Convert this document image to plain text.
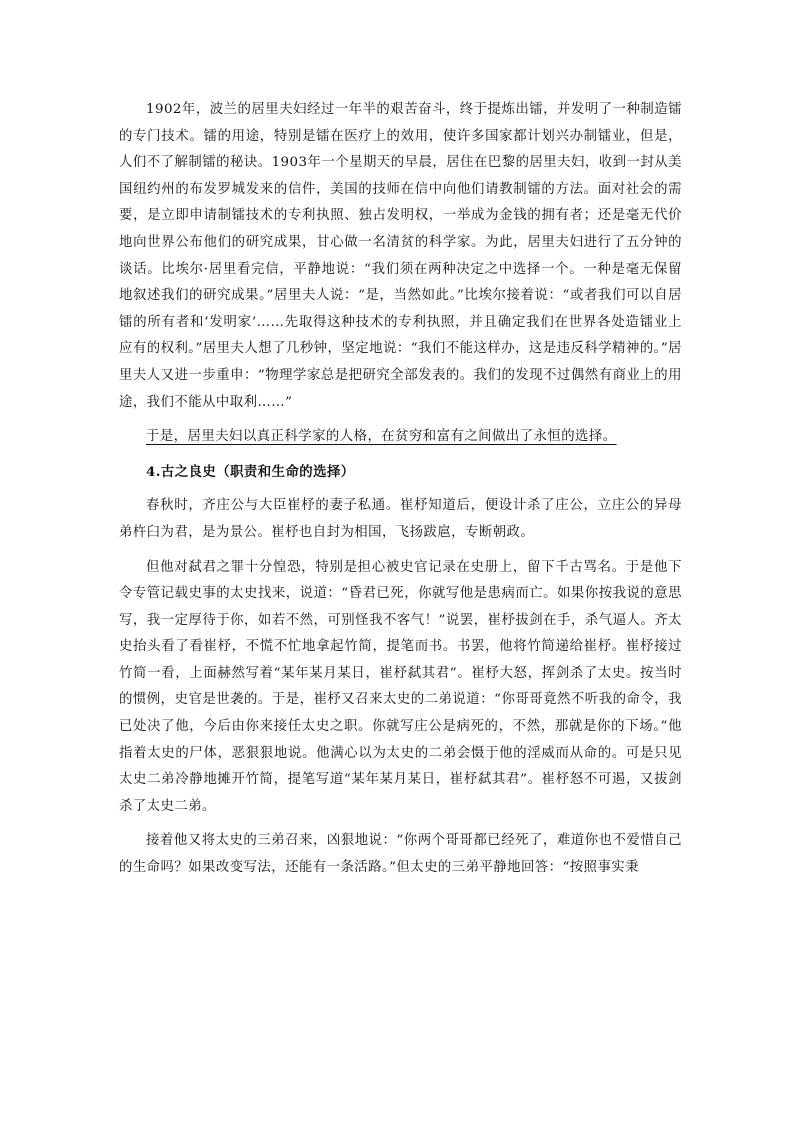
1902年，波兰的居里夫妇经过一年半的艰苦奋斗，终于提炼出镭，并发明了一种制造镭的专门技术。镭的用途，特别是镭在医疗上的效用，使许多国家都计划兴办制镭业，但是，人们不了解制镭的秘诀。1903年一个星期天的早晨，居住在巴黎的居里夫妇，收到一封从美国纽约州的布发罗城发来的信件，美国的技师在信中向他们请教制镭的方法。面对社会的需要，是立即申请制镭技术的专利执照、独占发明权，一举成为金钱的拥有者；还是毫无代价地向世界公布他们的研究成果，甘心做一名清贫的科学家。为此，居里夫妇进行了五分钟的谈话。比埃尔·居里看完信，平静地说：“我们须在两种决定之中选择一个。一种是毫无保留地叙述我们的研究成果。”居里夫人说：“是，当然如此。”比埃尔接着说：“或者我们可以自居镭的所有者和‘发明家’……先取得这种技术的专利执照，并且确定我们在世界各处造镭业上应有的权利。”居里夫人想了几秒钟，坚定地说：“我们不能这样办，这是违反科学精神的。”居里夫人又进一步重申：“物理学家总是把研究全部发表的。我们的发现不过偶然有商业上的用途，我们不能从中取利……”

于是，居里夫妇以真正科学家的人格，在贫穷和富有之间做出了永恒的选择。

4.古之良史（职责和生命的选择）

春秋时，齐庄公与大臣崔杼的妻子私通。崔杼知道后，便设计杀了庄公，立庄公的异母弟杵臼为君，是为景公。崔杼也自封为相国，飞扬跋扈，专断朝政。

但他对弑君之罪十分惶恐，特别是担心被史官记录在史册上，留下千古骂名。于是他下令专管记载史事的太史找来，说道：“昏君已死，你就写他是患病而亡。如果你按我说的意思写，我一定厚待于你，如若不然，可别怪我不客气！”说罢，崔杼拔剑在手，杀气逼人。齐太史抬头看了看崔杼，不慌不忙地拿起竹简，提笔而书。书罢，他将竹简递给崔杼。崔杼接过竹简一看，上面赫然写着“某年某月某日，崔杼弑其君”。崔杼大怒，挥剑杀了太史。按当时的惯例，史官是世袭的。于是，崔杼又召来太史的二弟说道：“你哥哥竟然不听我的命令，我已处决了他，今后由你来接任太史之职。你就写庄公是病死的，不然，那就是你的下场。”他指着太史的尸体，恶狠狠地说。他满心以为太史的二弟会慑于他的淫威而从命的。可是只见太史二弟冷静地摊开竹简，提笔写道“某年某月某日，崔杼弑其君”。崔杼怒不可遏，又拔剑杀了太史二弟。

接着他又将太史的三弟召来，凶狠地说：“你两个哥哥都已经死了，难道你也不爱惜自己的生命吗？如果改变写法，还能有一条活路。”但太史的三弟平静地回答：“按照事实秉
